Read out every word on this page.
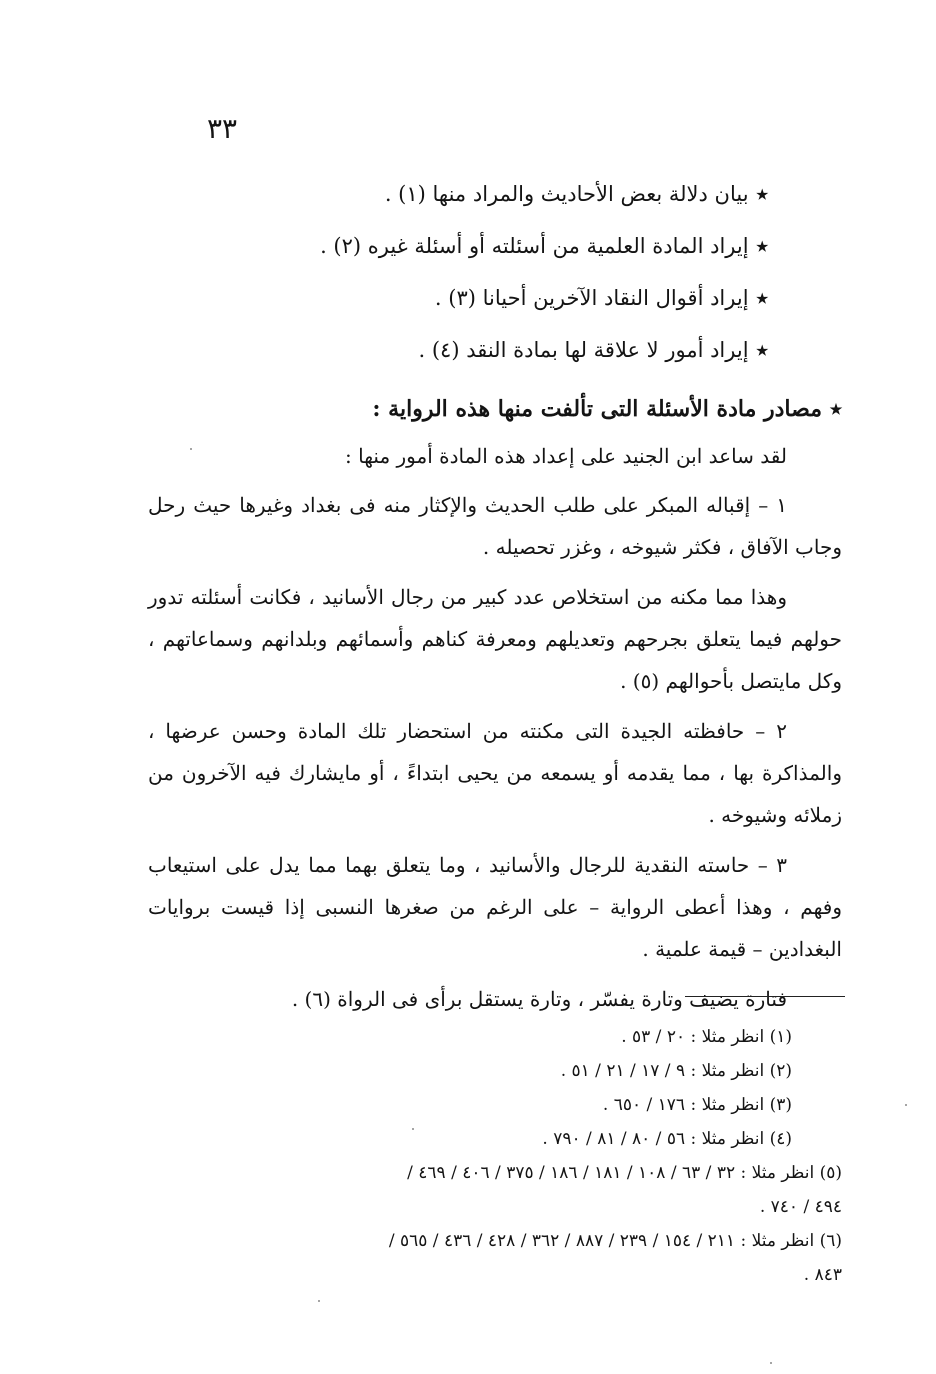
٣٣
٭بيان دلالة بعض الأحاديث والمراد منها (١) .
٭إيراد المادة العلمية من أسئلته أو أسئلة غيره (٢) .
٭إيراد أقوال النقاد الآخرين أحيانا (٣) .
٭إيراد أمور لا علاقة لها بمادة النقد (٤) .
٭مصادر مادة الأسئلة التى تألفت منها هذه الرواية :
لقد ساعد ابن الجنيد على إعداد هذه المادة أمور منها :
١ – إقباله المبكر على طلب الحديث والإكثار منه فى بغداد وغيرها حيث رحل وجاب الآفاق ، فكثر شيوخه ، وغزر تحصيله .
وهذا مما مكنه من استخلاص عدد كبير من رجال الأسانيد ، فكانت أسئلته تدور حولهم فيما يتعلق بجرحهم وتعديلهم ومعرفة كناهم وأسمائهم وبلدانهم وسماعاتهم ، وكل مايتصل بأحوالهم (٥) .
٢ – حافظته الجيدة التى مكنته من استحضار تلك المادة وحسن عرضها ، والمذاكرة بها ، مما يقدمه أو يسمعه من يحيى ابتداءً ، أو مايشارك فيه الآخرون من زملائه وشيوخه .
٣ – حاسته النقدية للرجال والأسانيد ، وما يتعلق بهما مما يدل على استيعاب وفهم ، وهذا أعطى الرواية – على الرغم من صغرها النسبى إذا قيست بروايات البغدادين – قيمة علمية .
فتارة يضيف وتارة يفسّر ، وتارة يستقل برأى فى الرواة (٦) .
(١) انظر مثلا : ٢٠ / ٥٣ .
(٢) انظر مثلا : ٩ / ١٧ / ٢١ / ٥١ .
(٣) انظر مثلا : ١٧٦ / ٦٥٠ .
(٤) انظر مثلا : ٥٦ / ٨٠ / ٨١ / ٧٩٠ .
(٥) انظر مثلا : ٣٢ / ٦٣ / ١٠٨ / ١٨١ / ١٨٦ / ٣٧٥ / ٤٠٦ / ٤٦٩ /
٤٩٤ / ٧٤٠ .
(٦) انظر مثلا : ٢١١ / ١٥٤ / ٢٣٩ / ٨٨٧ / ٣٦٢ / ٤٢٨ / ٤٣٦ / ٥٦٥ /
٨٤٣ .
